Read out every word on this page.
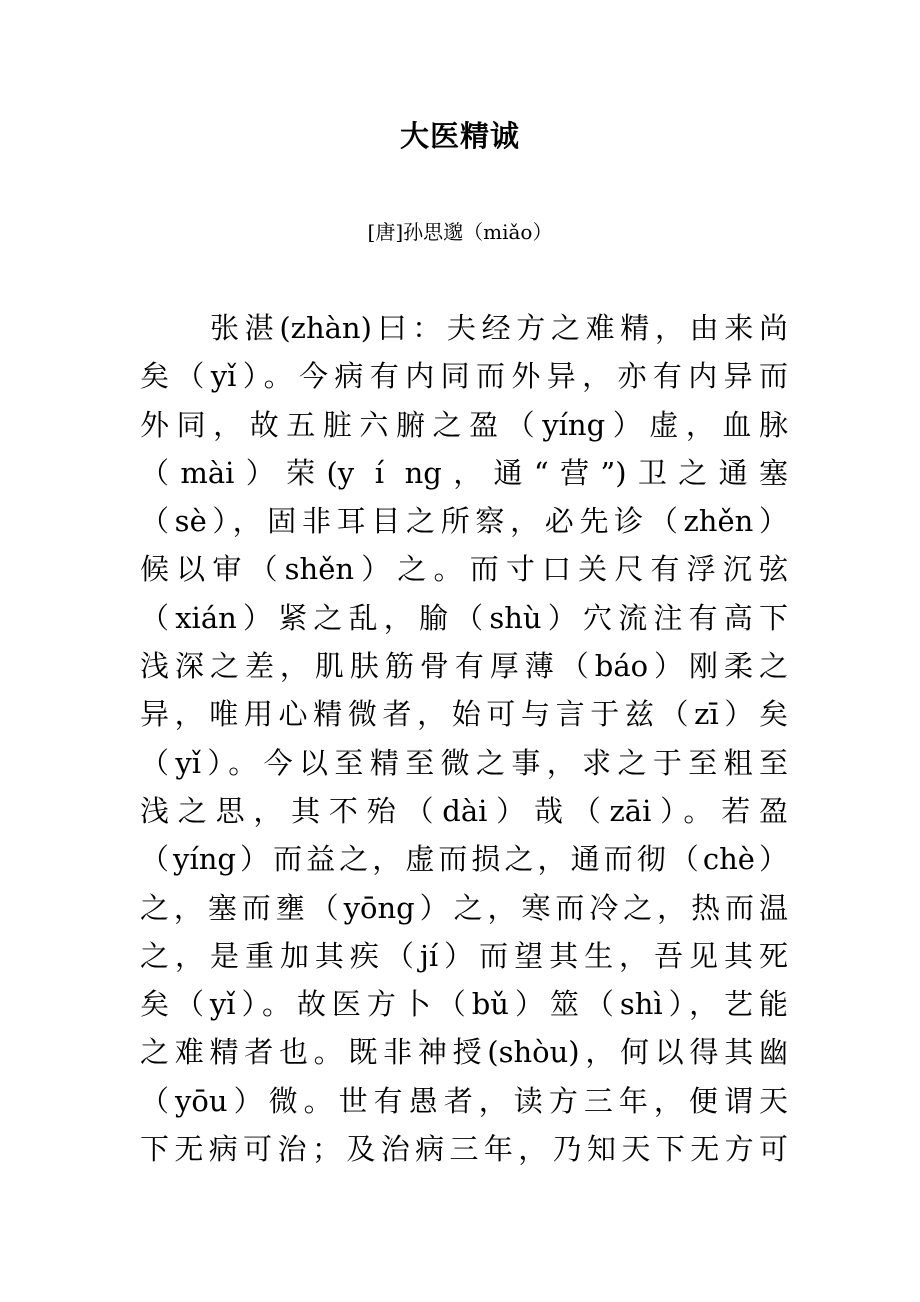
大医精诚

[唐]孙思邈（miǎo）

张湛(zhàn)曰：夫经方之难精，由来尚
矣（yǐ）。今病有内同而外异，亦有内异而
外同，故五脏六腑之盈（yíng）虚，血脉
（mài）荣(y í ng，通“营”)卫之通塞
（sè），固非耳目之所察，必先诊（zhěn）
候以审（shěn）之。而寸口关尺有浮沉弦
（xián）紧之乱，腧（shù）穴流注有高下
浅深之差，肌肤筋骨有厚薄（báo）刚柔之
异，唯用心精微者，始可与言于兹（zī）矣
（yǐ）。今以至精至微之事，求之于至粗至
浅之思，其不殆（dài）哉（zāi）。若盈
（yíng）而益之，虚而损之，通而彻（chè）
之，塞而壅（yōng）之，寒而冷之，热而温
之，是重加其疾（jí）而望其生，吾见其死
矣（yǐ）。故医方卜（bǔ）筮（shì），艺能
之难精者也。既非神授(shòu)，何以得其幽
（yōu）微。世有愚者，读方三年，便谓天
下无病可治；及治病三年，乃知天下无方可
